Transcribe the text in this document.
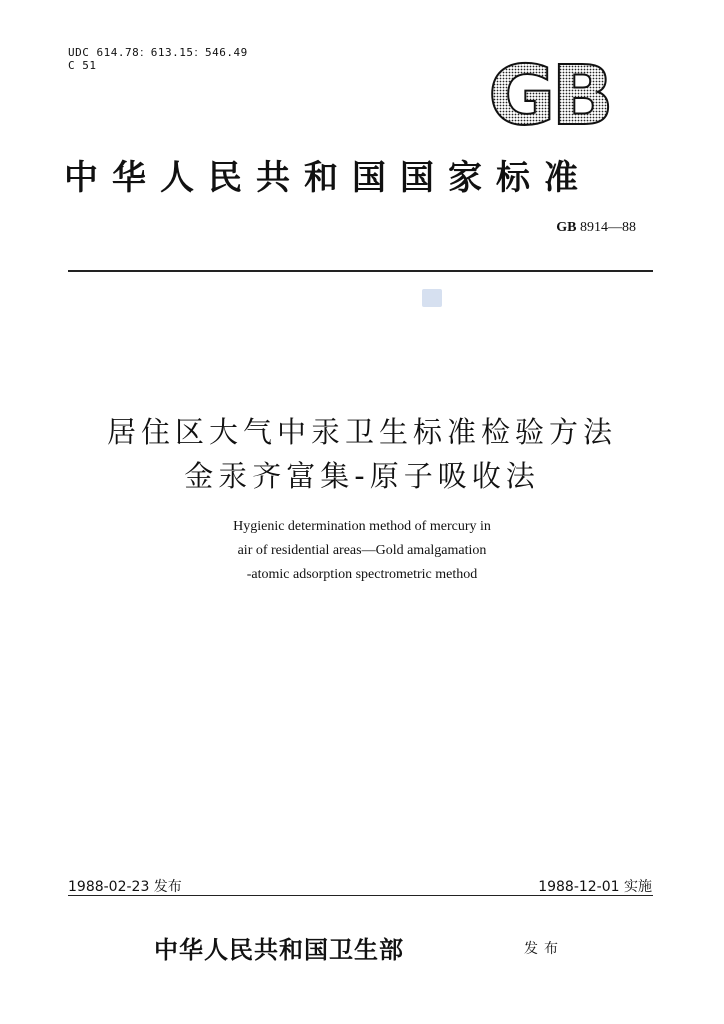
UDC 614.78：613.15：546.49
C 51	GB
中华人民共和国国家标准
GB 8914—88
居住区大气中汞卫生标准检验方法
金汞齐富集-原子吸收法
Hygienic determination method of mercury in
air of residential areas—Gold amalgamation
-atomic adsorption spectrometric method
1988-02-23 发布	1988-12-01 实施
中华人民共和国卫生部	发布
